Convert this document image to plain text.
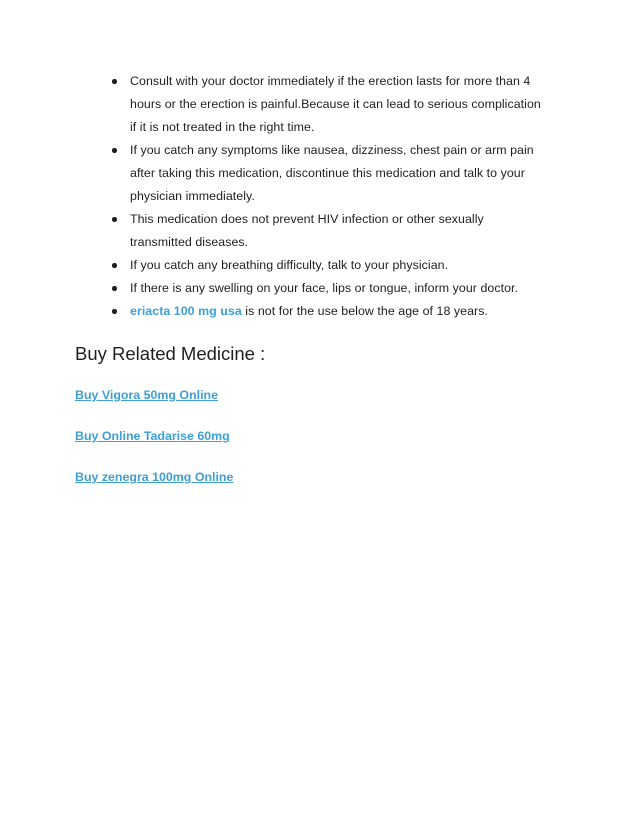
Consult with your doctor immediately if the erection lasts for more than 4 hours or the erection is painful.Because it can lead to serious complication if it is not treated in the right time.
If you catch any symptoms like nausea, dizziness, chest pain or arm pain after taking this medication, discontinue this medication and talk to your physician immediately.
This medication does not prevent HIV infection or other sexually transmitted diseases.
If you catch any breathing difficulty, talk to your physician.
If there is any swelling on your face, lips or tongue, inform your doctor.
eriacta 100 mg usa is not for the use below the age of 18 years.
Buy Related Medicine :
Buy Vigora 50mg Online
Buy Online Tadarise 60mg
Buy zenegra 100mg Online
